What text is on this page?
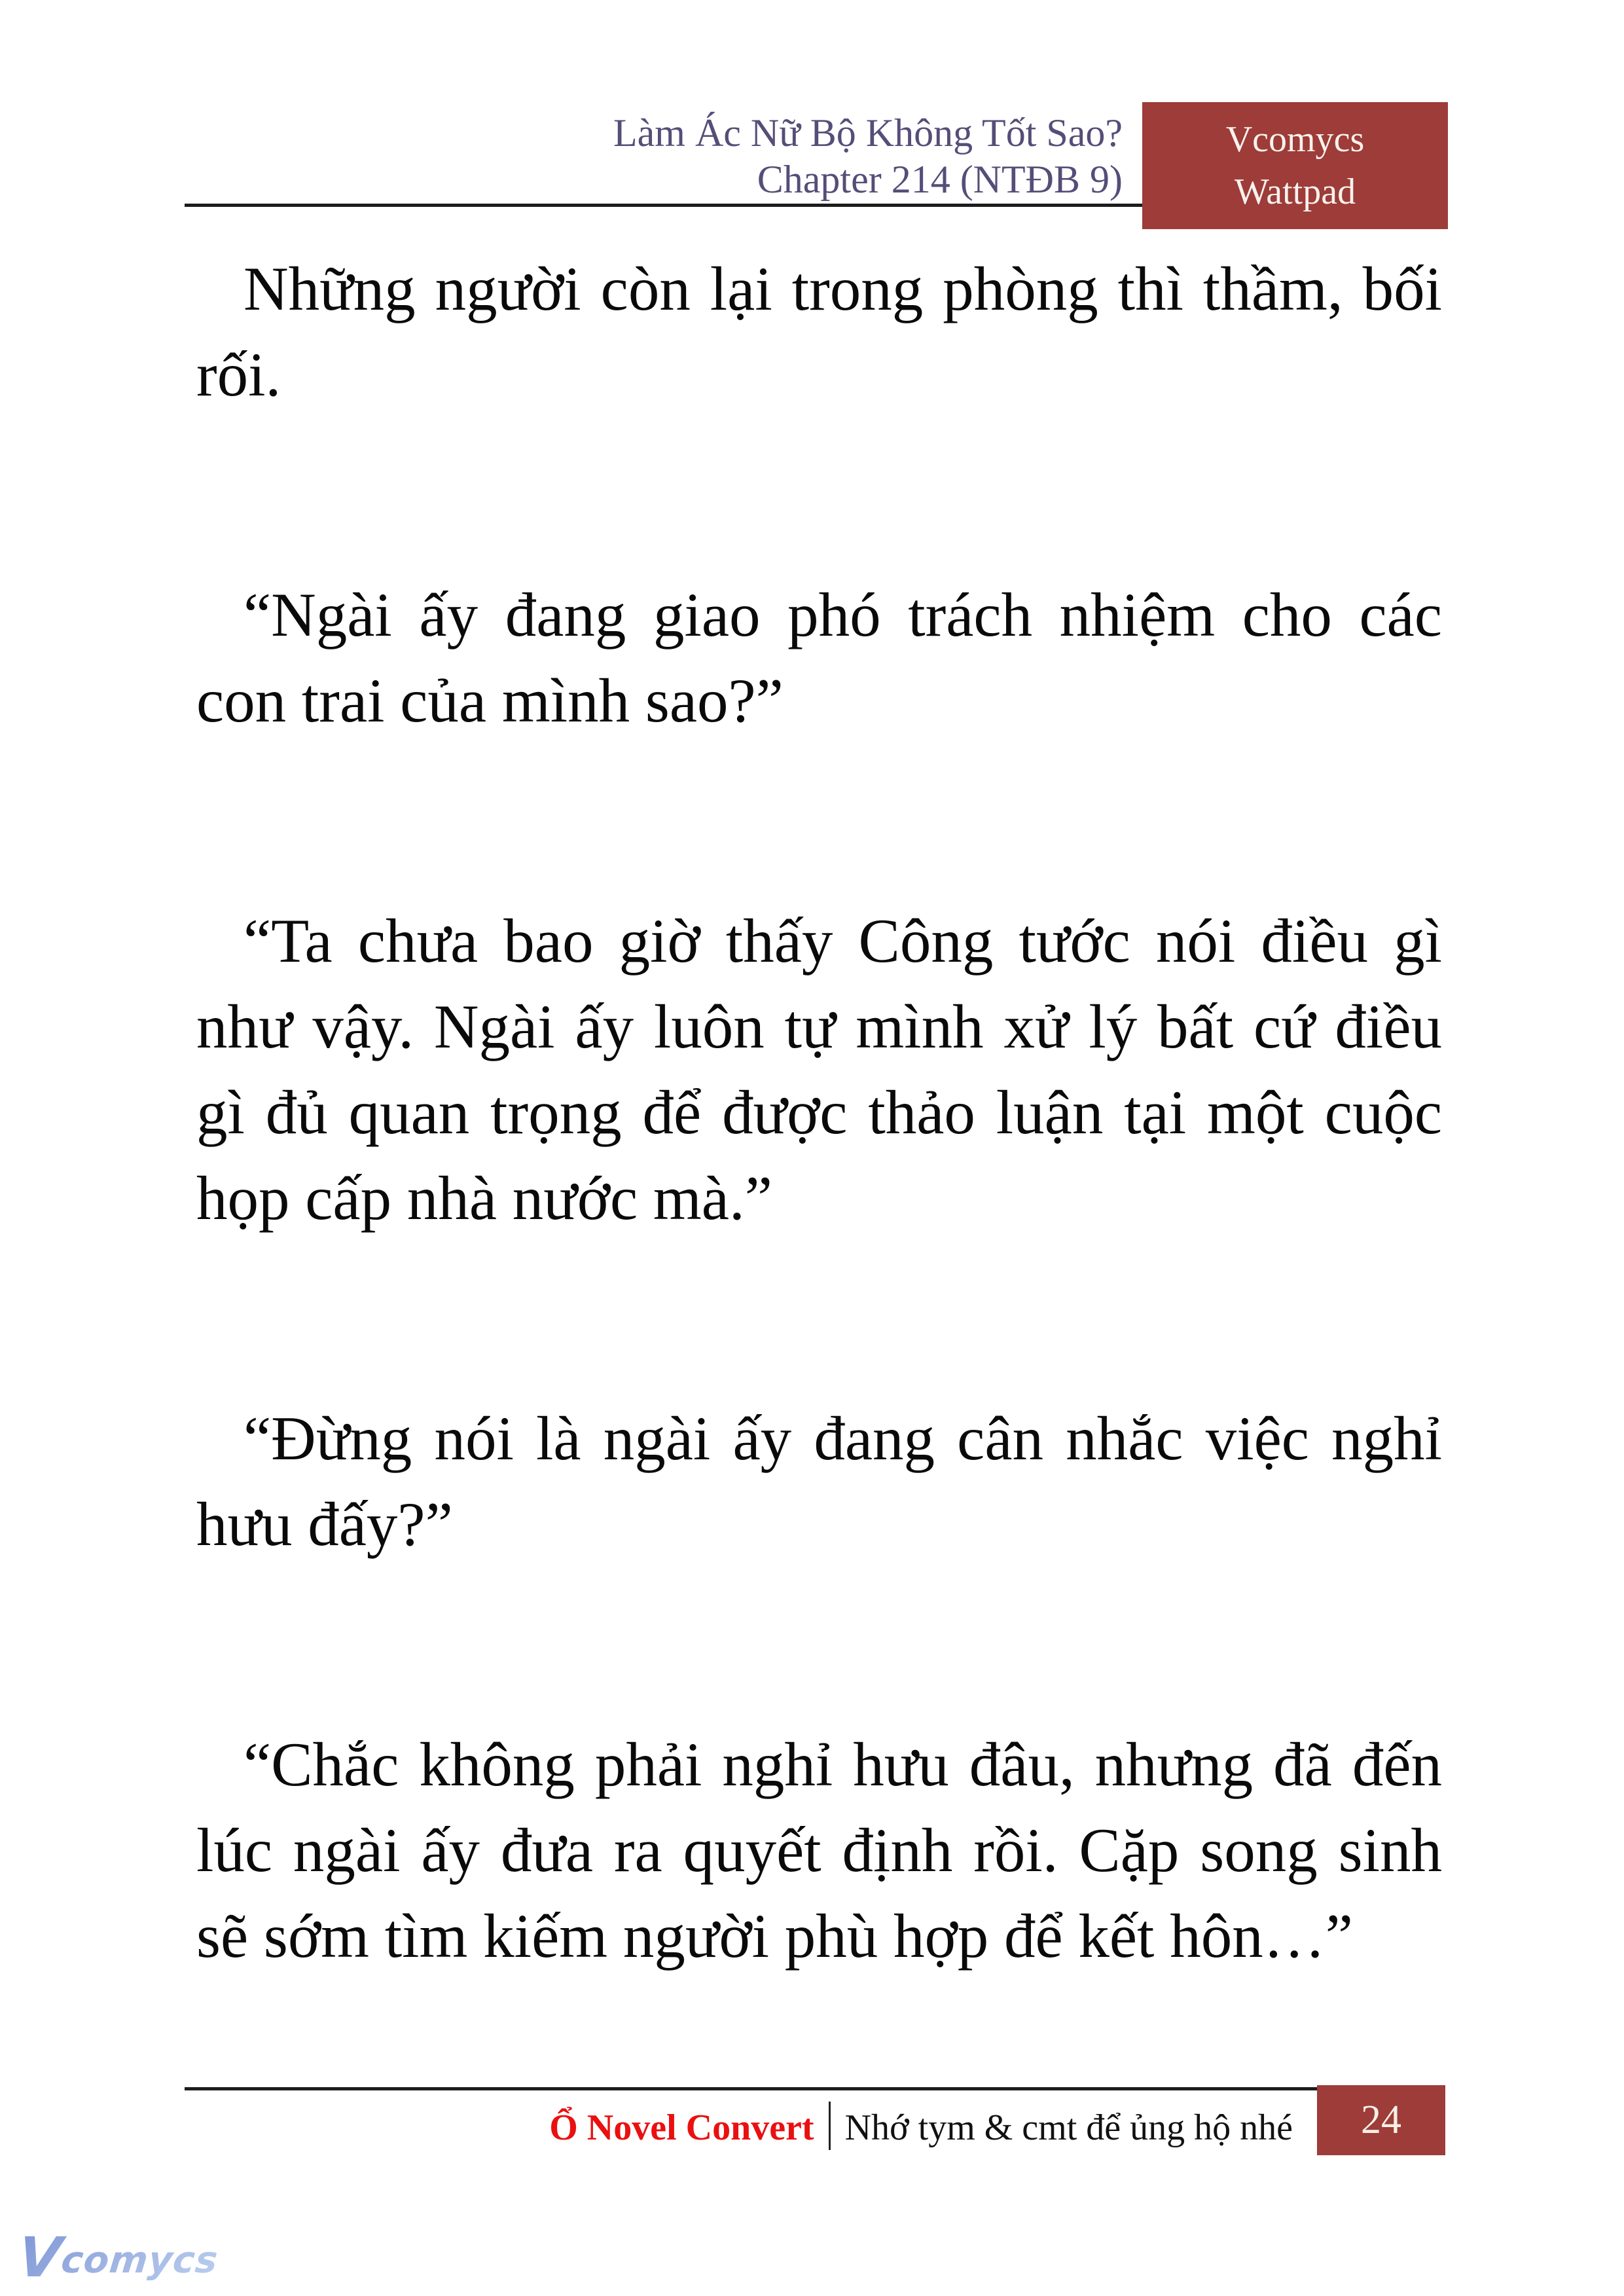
Làm Ác Nữ Bộ Không Tốt Sao?
Chapter 214 (NTĐB 9)
Vcomycs
Wattpad

Những người còn lại trong phòng thì thầm, bối rối.

“Ngài ấy đang giao phó trách nhiệm cho các con trai của mình sao?”

“Ta chưa bao giờ thấy Công tước nói điều gì như vậy. Ngài ấy luôn tự mình xử lý bất cứ điều gì đủ quan trọng để được thảo luận tại một cuộc họp cấp nhà nước mà.”

“Đừng nói là ngài ấy đang cân nhắc việc nghỉ hưu đấy?”

“Chắc không phải nghỉ hưu đâu, nhưng đã đến lúc ngài ấy đưa ra quyết định rồi. Cặp song sinh sẽ sớm tìm kiếm người phù hợp để kết hôn…”

Ổ Novel Convert Nhớ tym & cmt để ủng hộ nhé 24
Vcomycs
